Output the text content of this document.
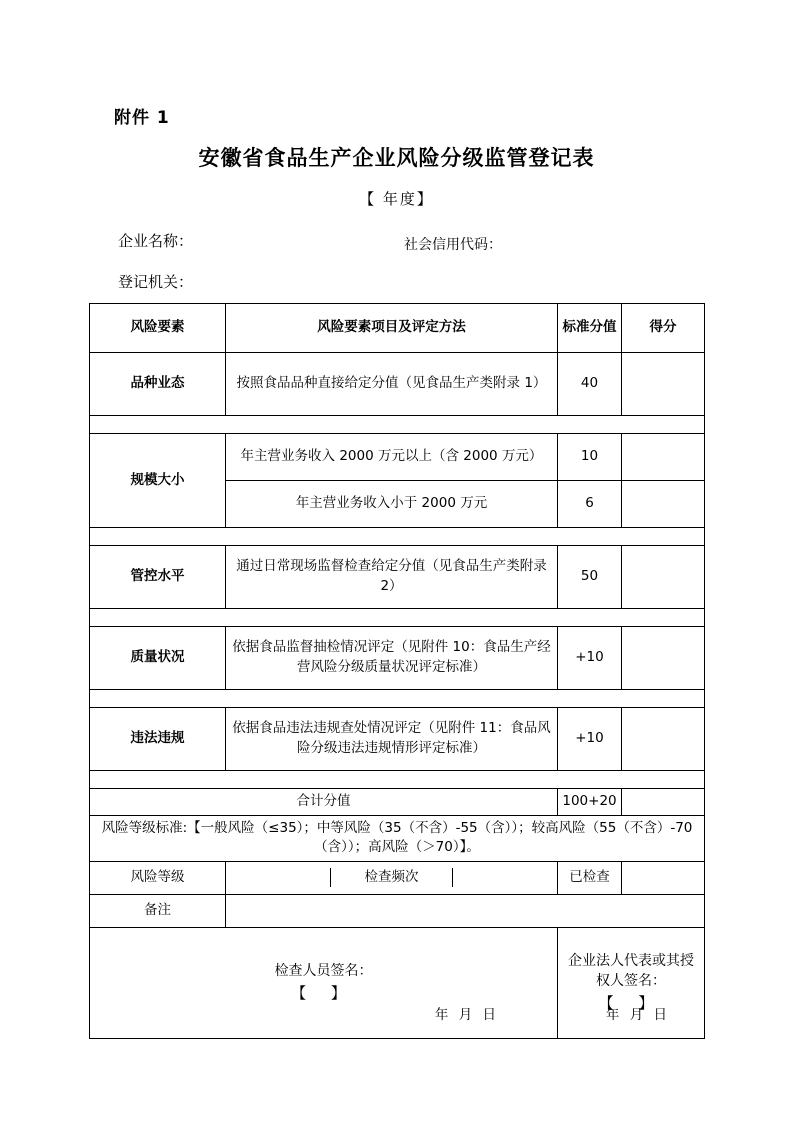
附件 1
安徽省食品生产企业风险分级监管登记表
【 年度】
企业名称：	社会信用代码：
登记机关：
风险要素	风险要素项目及评定方法	标准分值	得分
品种业态	按照食品品种直接给定分值（见食品生产类附录 1）	40	

规模大小	年主营业务收入 2000 万元以上（含 2000 万元）	10	
	年主营业务收入小于 2000 万元	6	

管控水平	通过日常现场监督检查给定分值（见食品生产类附录 2）	50	

质量状况	依据食品监督抽检情况评定（见附件 10：食品生产经营风险分级质量状况评定标准）	+10	

违法违规	依据食品违法违规查处情况评定（见附件 11：食品风险分级违法违规情形评定标准）	+10	

合计分值		100+20	
风险等级标准:【一般风险（≤35）；中等风险（35（不含）-55（含））；较高风险（55（不含）-70（含））；高风险（＞70）】。			
风险等级	检查频次	已检查	
备注			

检查人员签名：
【 】
年 月 日

企业法人代表或其授权人签名：
【 】
年 月 日
